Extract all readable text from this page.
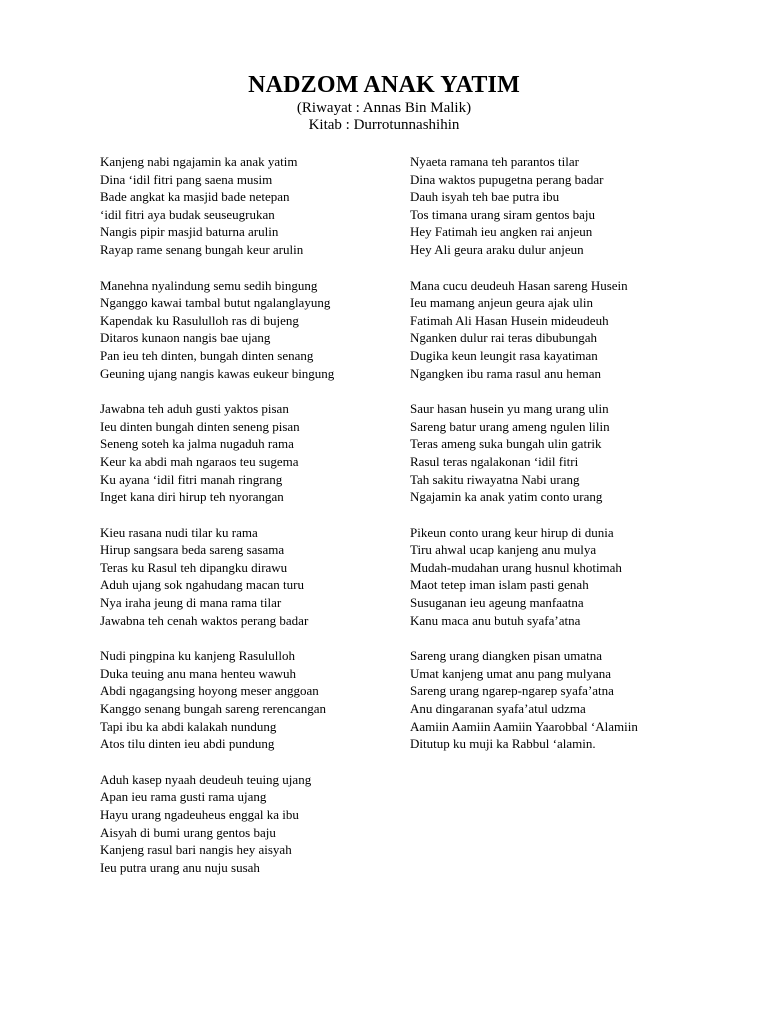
NADZOM ANAK YATIM

(Riwayat : Annas Bin Malik)

Kitab : Durrotunnashihin

Kanjeng nabi ngajamin ka anak yatim
Dina ‘idil fitri pang saena musim
Bade angkat ka masjid bade netepan
‘idil fitri aya budak seuseugrukan
Nangis pipir masjid baturna arulin
Rayap rame senang bungah keur arulin
Manehna nyalindung semu sedih bingung
Nganggo kawai tambal butut ngalanglayung
Kapendak ku Rasululloh ras di bujeng
Ditaros kunaon nangis bae ujang
Pan ieu teh dinten, bungah dinten senang
Geuning ujang nangis kawas eukeur bingung
Jawabna teh aduh gusti yaktos pisan
Ieu dinten bungah dinten seneng pisan
Seneng soteh ka jalma nugaduh rama
Keur ka abdi mah ngaraos teu sugema
Ku ayana ‘idil fitri manah ringrang
Inget kana diri hirup teh nyorangan
Kieu rasana nudi tilar ku rama
Hirup sangsara beda sareng sasama
Teras ku Rasul teh dipangku dirawu
Aduh ujang sok ngahudang macan turu
Nya iraha jeung di mana rama tilar
Jawabna teh cenah waktos perang badar
Nudi pingpina ku kanjeng Rasululloh
Duka teuing anu mana henteu wawuh
Abdi ngagangsing hoyong meser anggoan
Kanggo senang bungah sareng rerencangan
Tapi ibu ka abdi kalakah nundung
Atos tilu dinten ieu abdi pundung
Aduh kasep nyaah deudeuh teuing ujang
Apan ieu rama gusti rama ujang
Hayu urang ngadeuheus enggal ka ibu
Aisyah di bumi urang gentos baju
Kanjeng rasul bari nangis hey aisyah
Ieu putra urang anu nuju susah
Nyaeta ramana teh parantos tilar
Dina waktos pupugetna perang badar
Dauh isyah teh bae putra ibu
Tos timana urang siram gentos baju
Hey Fatimah ieu angken rai anjeun
Hey Ali geura araku dulur anjeun
Mana cucu deudeuh Hasan sareng Husein
Ieu mamang anjeun geura ajak ulin
Fatimah Ali Hasan Husein mideudeuh
Nganken dulur rai teras dibubungah
Dugika keun leungit rasa kayatiman
Ngangken ibu rama rasul anu heman
Saur hasan husein yu mang urang ulin
Sareng batur urang ameng ngulen lilin
Teras ameng suka bungah ulin gatrik
Rasul teras ngalakonan ‘idil fitri
Tah sakitu riwayatna Nabi urang
Ngajamin ka anak yatim conto urang
Pikeun conto urang keur hirup di dunia
Tiru ahwal ucap kanjeng anu mulya
Mudah-mudahan urang husnul khotimah
Maot tetep iman islam pasti genah
Susuganan ieu ageung manfaatna
Kanu maca anu butuh syafa’atna
Sareng urang diangken pisan umatna
Umat kanjeng umat anu pang mulyana
Sareng urang ngarep-ngarep syafa’atna
Anu dingaranan syafa’atul udzma
Aamiin Aamiin Aamiin Yaarobbal ‘Alamiin
Ditutup ku muji ka Rabbul ‘alamin.
